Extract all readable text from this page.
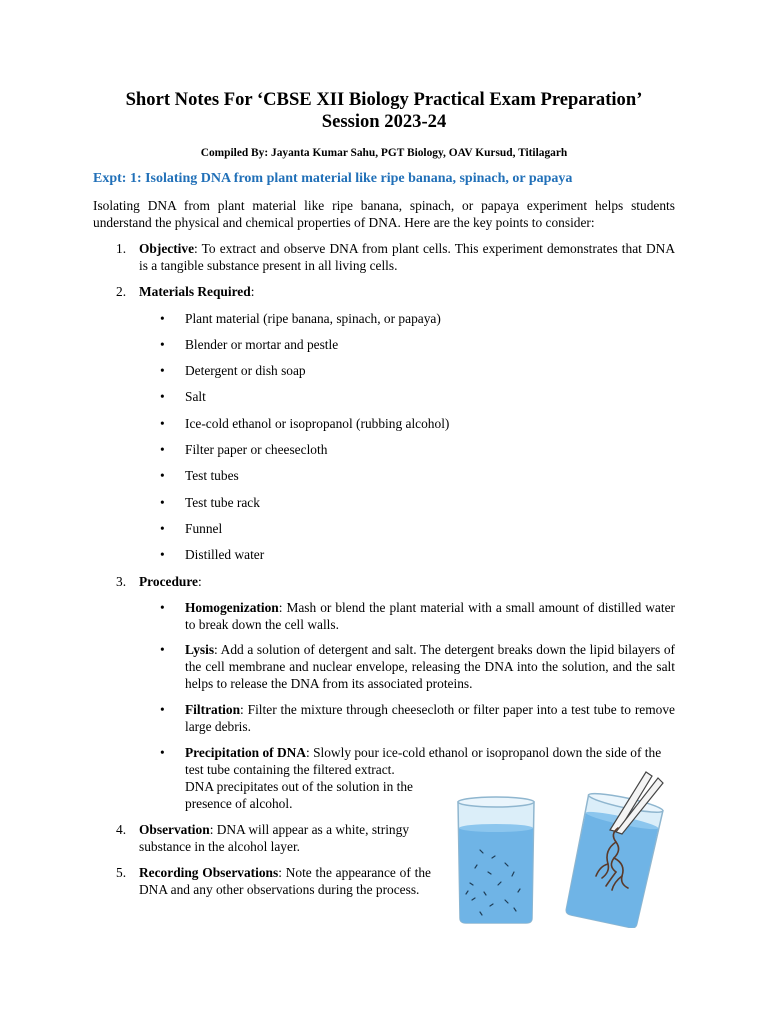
Short Notes For ‘CBSE XII Biology Practical Exam Preparation’
Session 2023-24
Compiled By: Jayanta Kumar Sahu, PGT Biology, OAV Kursud, Titilagarh
Expt: 1: Isolating DNA from plant material like ripe banana, spinach, or papaya
Isolating DNA from plant material like ripe banana, spinach, or papaya experiment helps students understand the physical and chemical properties of DNA. Here are the key points to consider:
1. Objective: To extract and observe DNA from plant cells. This experiment demonstrates that DNA is a tangible substance present in all living cells.
2. Materials Required:
•
Plant material (ripe banana, spinach, or papaya)
•
Blender or mortar and pestle
•
Detergent or dish soap
•
Salt
•
Ice-cold ethanol or isopropanol (rubbing alcohol)
•
Filter paper or cheesecloth
•
Test tubes
•
Test tube rack
•
Funnel
•
Distilled water
3. Procedure:
•
Homogenization: Mash or blend the plant material with a small amount of distilled water to break down the cell walls.
•
Lysis: Add a solution of detergent and salt. The detergent breaks down the lipid bilayers of the cell membrane and nuclear envelope, releasing the DNA into the solution, and the salt helps to release the DNA from its associated proteins.
•
Filtration: Filter the mixture through cheesecloth or filter paper into a test tube to remove large debris.
•
Precipitation of DNA: Slowly pour ice-cold ethanol or isopropanol down the side of the test tube containing the filtered extract.
DNA precipitates out of the solution in the presence of alcohol.
4. Observation: DNA will appear as a white, stringy substance in the alcohol layer.
5. Recording Observations: Note the appearance of the DNA and any other observations during the process.
